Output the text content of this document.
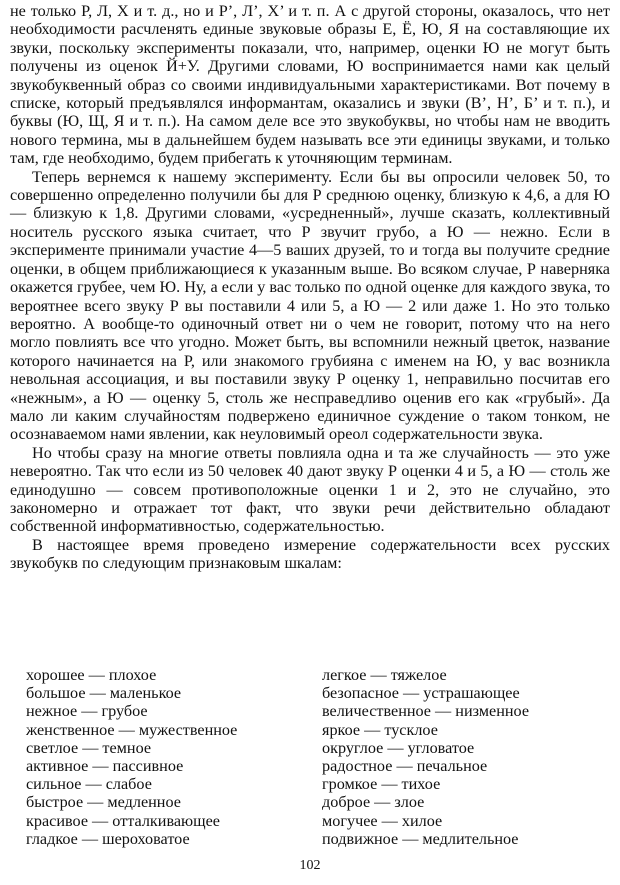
не только Р, Л, Х и т. д., но и Р’, Л’, Х’ и т. п. А с другой стороны, оказалось, что нет необходимости расчленять единые звуковые образы Е, Ё, Ю, Я на составляющие их звуки, поскольку эксперименты показали, что, например, оценки Ю не могут быть получены из оценок Й+У. Другими словами, Ю воспринимается нами как целый звукобуквенный образ со своими индивидуальными характеристиками. Вот почему в списке, который предъявлялся информантам, оказались и звуки (В’, Н’, Б’ и т. п.), и буквы (Ю, Щ, Я и т. п.). На самом деле все это звукобуквы, но чтобы нам не вводить нового термина, мы в дальнейшем будем называть все эти единицы звуками, и только там, где необходимо, будем прибегать к уточняющим терминам.

Теперь вернемся к нашему эксперименту. Если бы вы опросили человек 50, то совершенно определенно получили бы для Р среднюю оценку, близкую к 4,6, а для Ю — близкую к 1,8. Другими словами, «усредненный», лучше сказать, коллективный носитель русского языка считает, что Р звучит грубо, а Ю — нежно. Если в эксперименте принимали участие 4—5 ваших друзей, то и тогда вы получите средние оценки, в общем приближающиеся к указанным выше. Во всяком случае, Р наверняка окажется грубее, чем Ю. Ну, а если у вас только по одной оценке для каждого звука, то вероятнее всего звуку Р вы поставили 4 или 5, а Ю — 2 или даже 1. Но это только вероятно. А вообще-то одиночный ответ ни о чем не говорит, потому что на него могло повлиять все что угодно. Может быть, вы вспомнили нежный цветок, название которого начинается на Р, или знакомого грубияна с именем на Ю, у вас возникла невольная ассоциация, и вы поставили звуку Р оценку 1, неправильно посчитав его «нежным», а Ю — оценку 5, столь же несправедливо оценив его как «грубый». Да мало ли каким случайностям подвержено единичное суждение о таком тонком, не осознаваемом нами явлении, как неуловимый ореол содержательности звука.

Но чтобы сразу на многие ответы повлияла одна и та же случайность — это уже невероятно. Так что если из 50 человек 40 дают звуку Р оценки 4 и 5, а Ю — столь же единодушно — совсем противоположные оценки 1 и 2, это не случайно, это закономерно и отражает тот факт, что звуки речи действительно обладают собственной информативностью, содержательностью.

В настоящее время проведено измерение содержательности всех русских звукобукв по следующим признаковым шкалам:

хорошее — плохое
большое — маленькое
нежное — грубое
женственное — мужественное
светлое — темное
активное — пассивное
сильное — слабое
быстрое — медленное
красивое — отталкивающее
гладкое — шероховатое
легкое — тяжелое
безопасное — устрашающее
величественное — низменное
яркое — тусклое
округлое — угловатое
радостное — печальное
громкое — тихое
доброе — злое
могучее — хилое
подвижное — медлительное
102
